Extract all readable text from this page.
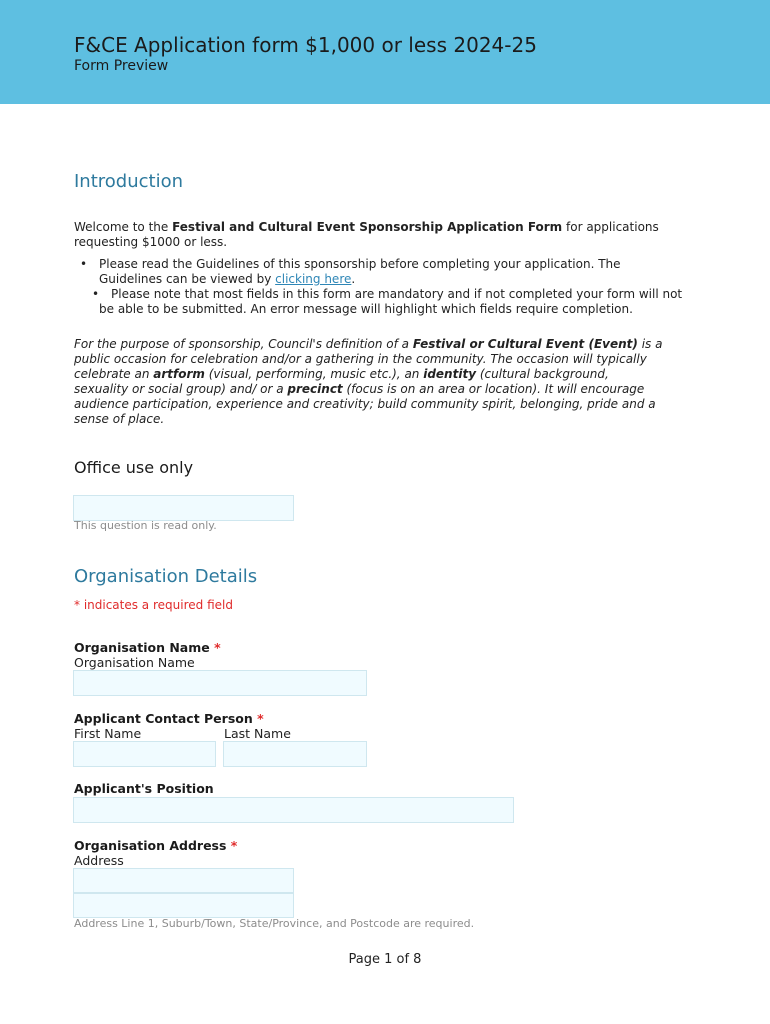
F&CE Application form $1,000 or less 2024-25
Form Preview
Introduction

Welcome to the Festival and Cultural Event Sponsorship Application Form for applications requesting $1000 or less.

• Please read the Guidelines of this sponsorship before completing your application. The Guidelines can be viewed by clicking here.
• Please note that most fields in this form are mandatory and if not completed your form will not be able to be submitted. An error message will highlight which fields require completion.

For the purpose of sponsorship, Council's definition of a Festival or Cultural Event (Event) is a public occasion for celebration and/or a gathering in the community. The occasion will typically celebrate an artform (visual, performing, music etc.), an identity (cultural background, sexuality or social group) and/ or a precinct (focus is on an area or location). It will encourage audience participation, experience and creativity; build community spirit, belonging, pride and a sense of place.

Office use only
This question is read only.
Organisation Details
* indicates a required field
Organisation Name *
Organisation Name
Applicant Contact Person *
First Name	Last Name
Applicant's Position
Organisation Address *
Address
Address Line 1, Suburb/Town, State/Province, and Postcode are required.
Page 1 of 8
